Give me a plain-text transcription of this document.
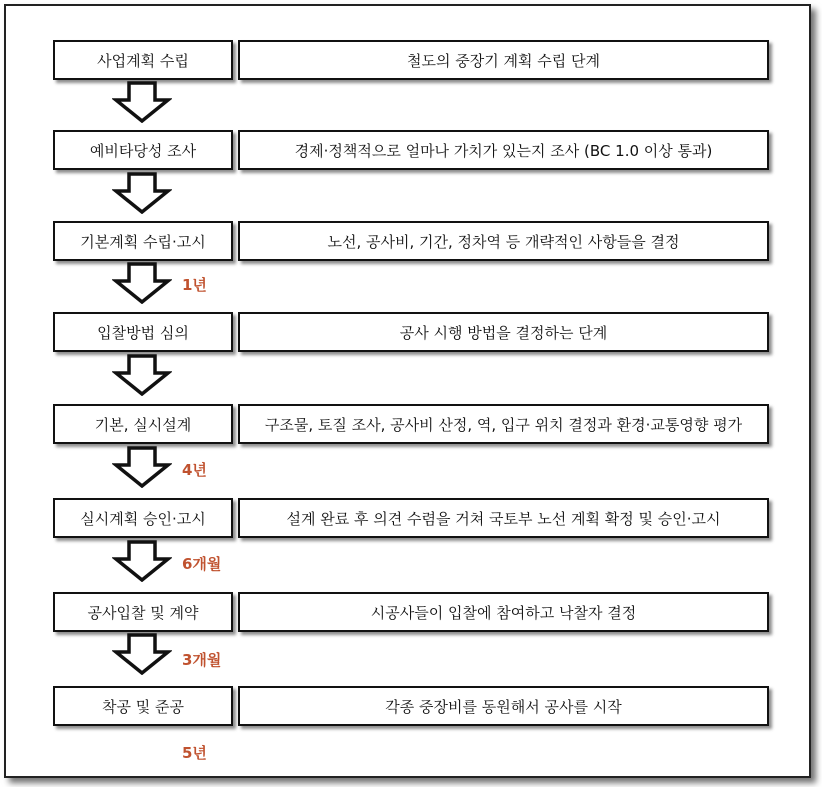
사업계획 수립	철도의 중장기 계획 수립 단계
예비타당성 조사	경제·정책적으로 얼마나 가치가 있는지 조사 (BC 1.0 이상 통과)
기본계획 수립·고시	노선, 공사비, 기간, 정차역 등 개략적인 사항들을 결정
1년
입찰방법 심의	공사 시행 방법을 결정하는 단계
기본, 실시설계	구조물, 토질 조사, 공사비 산정, 역, 입구 위치 결정과 환경·교통영향 평가
4년
실시계획 승인·고시	설계 완료 후 의견 수렴을 거쳐 국토부 노선 계획 확정 및 승인·고시
6개월
공사입찰 및 계약	시공사들이 입찰에 참여하고 낙찰자 결정
3개월
착공 및 준공	각종 중장비를 동원해서 공사를 시작
5년
